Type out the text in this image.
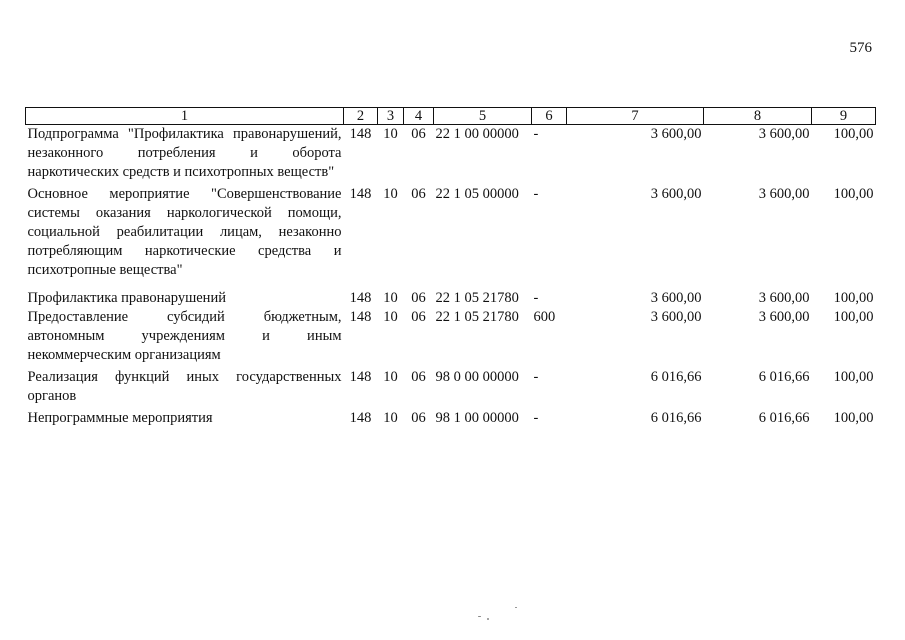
576
1	2	3	4	5	6	7	8	9
Подпрограмма "Профилактика правонарушений, незаконного потребления и оборота наркотических средств и психотропных веществ"	148	10	06	22 1 00 00000	-	3 600,00	3 600,00	100,00
Основное мероприятие "Совершенствование системы оказания наркологической помощи, социальной реабилитации лицам, незаконно потребляющим наркотические средства и психотропные вещества"	148	10	06	22 1 05 00000	-	3 600,00	3 600,00	100,00
Профилактика правонарушений	148	10	06	22 1 05 21780	-	3 600,00	3 600,00	100,00
Предоставление субсидий бюджетным, автономным учреждениям и иным некоммерческим организациям	148	10	06	22 1 05 21780	600	3 600,00	3 600,00	100,00
Реализация функций иных государственных органов	148	10	06	98 0 00 00000	-	6 016,66	6 016,66	100,00
Непрограммные мероприятия	148	10	06	98 1 00 00000	-	6 016,66	6 016,66	100,00
